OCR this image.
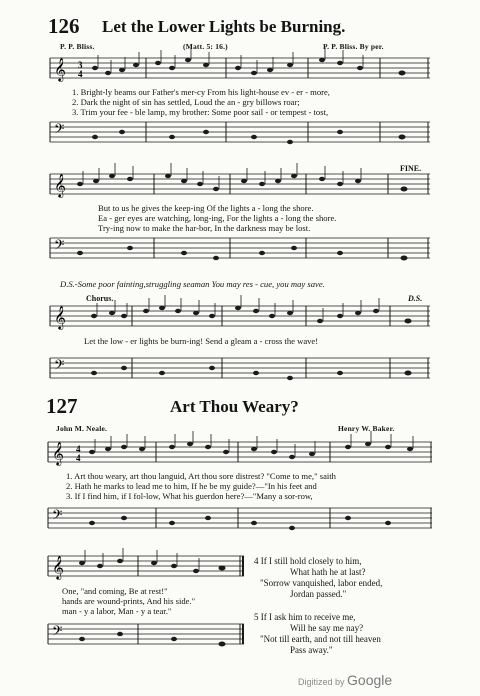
126 Let the Lower Lights be Burning.
P. P. Bliss.	(Matt. 5: 16.)	P. P. Bliss. By per.
𝄞 3
4
1. Bright-ly beams our Father's mer-cy From his light-house ev - er - more,
2. Dark the night of sin has settled, Loud the an - gry billows roar;
3. Trim your fee - ble lamp, my brother: Some poor sail - or tempest - tost,
𝄢
FINE.
𝄞
But to us he gives the keep-ing Of the lights a - long the shore.
Ea - ger eyes are watching, long-ing, For the lights a - long the shore.
Try-ing now to make the har-bor, In the darkness may be lost.
𝄢
D.S.-Some poor fainting,struggling seaman You may res - cue, you may save.
Chorus.	D.S.
𝄞
Let the low - er lights be burn-ing! Send a gleam a - cross the wave!
𝄢
127	Art Thou Weary?
John M. Neale.	Henry W. Baker.
𝄞 4
4
1. Art thou weary, art thou languid, Art thou sore distrest? "Come to me," saith
2. Hath he marks to lead me to him, If he be my guide?—"In his feet and
3. If I find him, if I fol-low, What his guerdon here?—"Many a sor-row,
𝄢
𝄞
One, "and coming, Be at rest!"
hands are wound-prints, And his side."
man - y a labor, Man - y a tear."
𝄢
4 If I still hold closely to him,
What hath he at last?
"Sorrow vanquished, labor ended,
Jordan passed."
5 If I ask him to receive me,
Will he say me nay?
"Not till earth, and not till heaven
Pass away."
Digitized by Google
